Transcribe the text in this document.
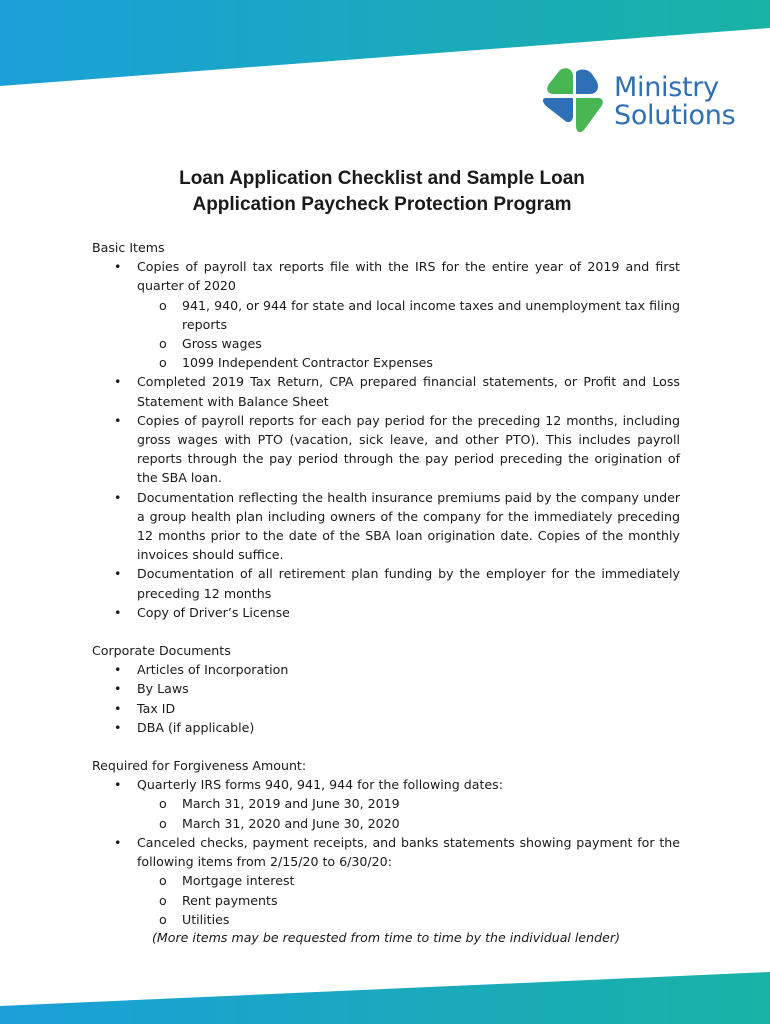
Ministry
Solutions
Loan Application Checklist and Sample Loan
Application Paycheck Protection Program

Basic Items

• Copies of payroll tax reports file with the IRS for the entire year of 2019 and first quarter of 2020
o 941, 940, or 944 for state and local income taxes and unemployment tax filing reports
o Gross wages
o 1099 Independent Contractor Expenses
• Completed 2019 Tax Return, CPA prepared financial statements, or Profit and Loss Statement with Balance Sheet
• Copies of payroll reports for each pay period for the preceding 12 months, including gross wages with PTO (vacation, sick leave, and other PTO). This includes payroll reports through the pay period through the pay period preceding the origination of the SBA loan.
• Documentation reflecting the health insurance premiums paid by the company under a group health plan including owners of the company for the immediately preceding 12 months prior to the date of the SBA loan origination date. Copies of the monthly invoices should suffice.
• Documentation of all retirement plan funding by the employer for the immediately preceding 12 months
• Copy of Driver’s License

Corporate Documents

• Articles of Incorporation
• By Laws
• Tax ID
• DBA (if applicable)

Required for Forgiveness Amount:

• Quarterly IRS forms 940, 941, 944 for the following dates:
o March 31, 2019 and June 30, 2019
o March 31, 2020 and June 30, 2020
• Canceled checks, payment receipts, and banks statements showing payment for the following items from 2/15/20 to 6/30/20:
o Mortgage interest
o Rent payments
o Utilities
(More items may be requested from time to time by the individual lender)
